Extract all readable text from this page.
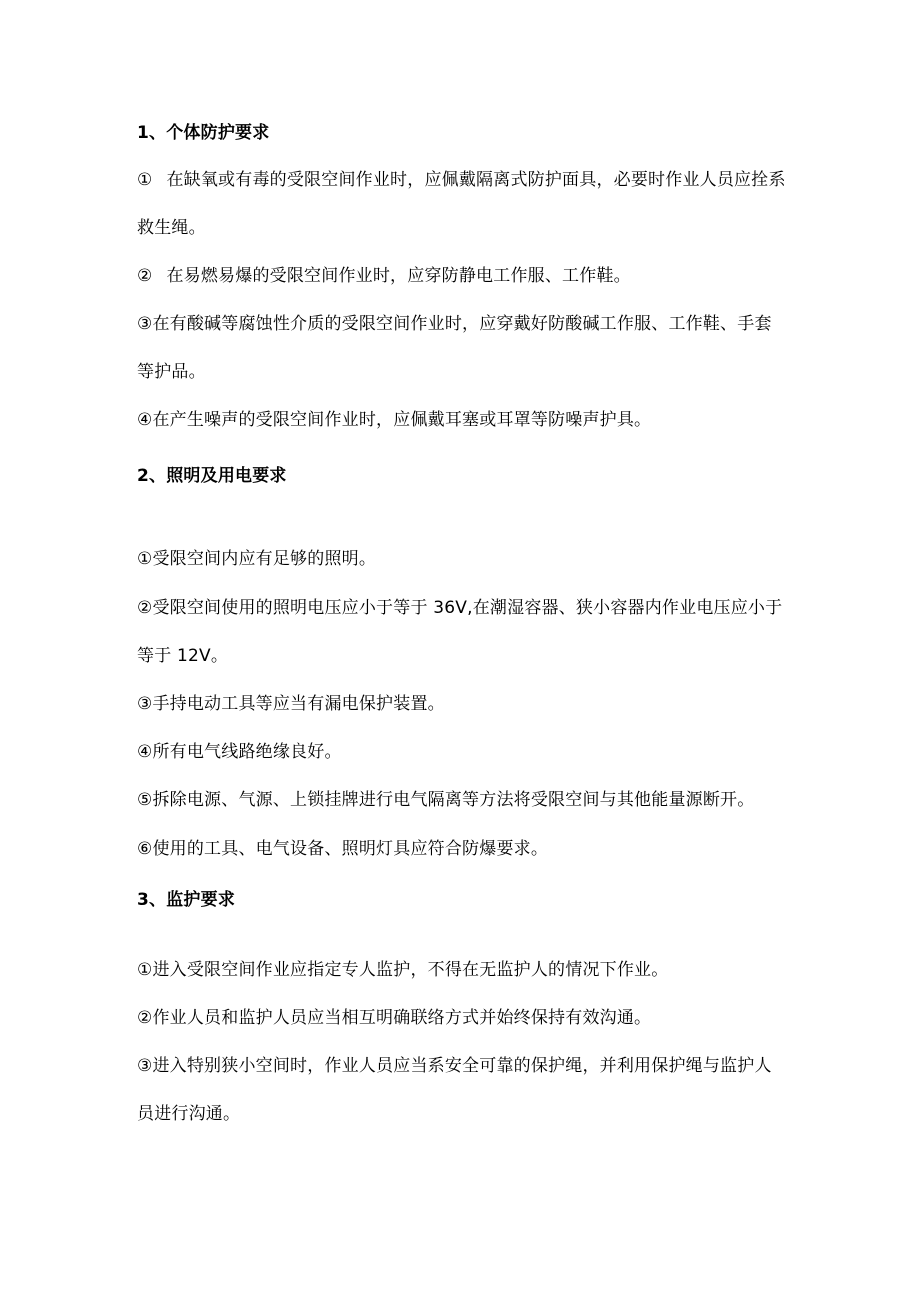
1、个体防护要求
① 在缺氧或有毒的受限空间作业时，应佩戴隔离式防护面具，必要时作业人员应拴系
救生绳。
② 在易燃易爆的受限空间作业时，应穿防静电工作服、工作鞋。
③在有酸碱等腐蚀性介质的受限空间作业时，应穿戴好防酸碱工作服、工作鞋、手套
等护品。
④在产生噪声的受限空间作业时，应佩戴耳塞或耳罩等防噪声护具。
2、照明及用电要求
①受限空间内应有足够的照明。
②受限空间使用的照明电压应小于等于 36V,在潮湿容器、狭小容器内作业电压应小于
等于 12V。
③手持电动工具等应当有漏电保护装置。
④所有电气线路绝缘良好。
⑤拆除电源、气源、上锁挂牌进行电气隔离等方法将受限空间与其他能量源断开。
⑥使用的工具、电气设备、照明灯具应符合防爆要求。
3、监护要求
①进入受限空间作业应指定专人监护，不得在无监护人的情况下作业。
②作业人员和监护人员应当相互明确联络方式并始终保持有效沟通。
③进入特别狭小空间时，作业人员应当系安全可靠的保护绳，并利用保护绳与监护人
员进行沟通。
